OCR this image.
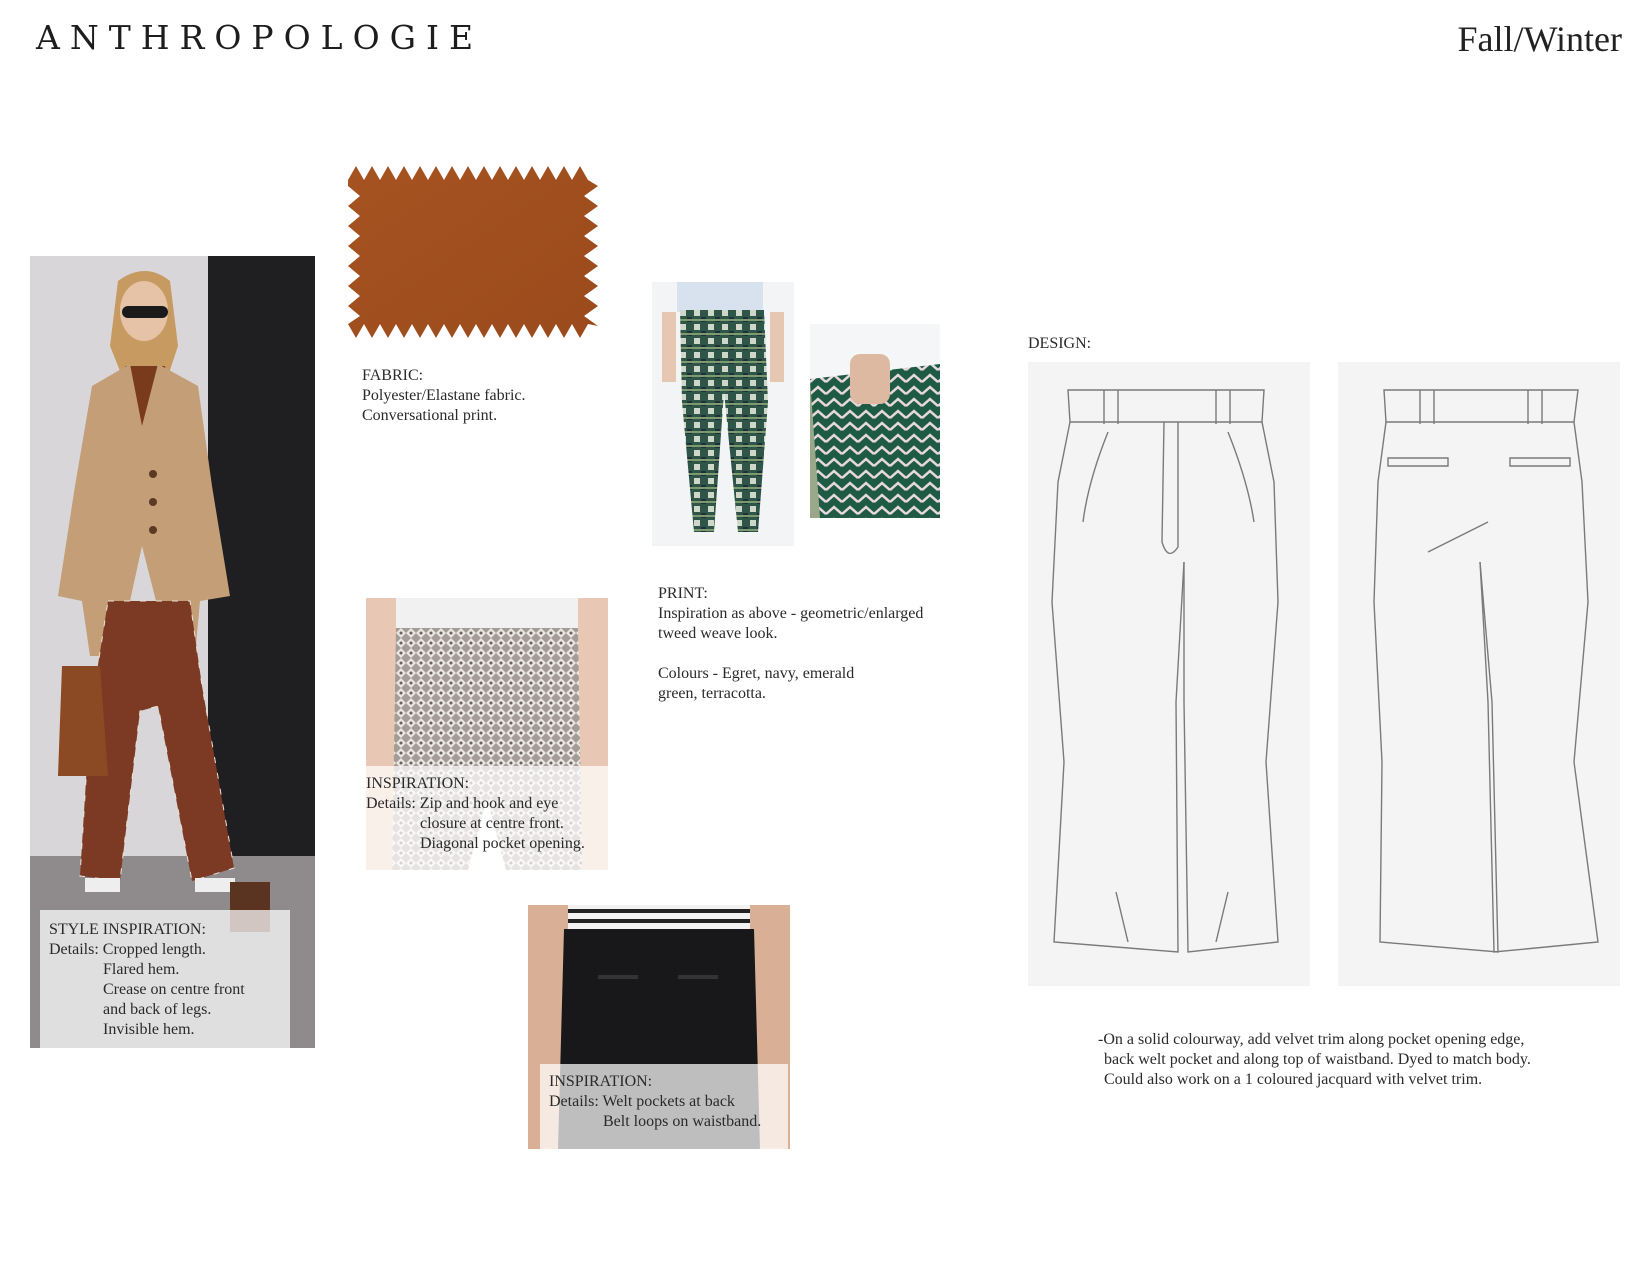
ANTHROPOLOGIE	Fall/Winter
STYLE INSPIRATION:
Details: Cropped length.
Flared hem.
Crease on centre front
and back of legs.
Invisible hem.
FABRIC:
Polyester/Elastane fabric.
Conversational print.
PRINT:
Inspiration as above - geometric/enlarged
tweed weave look.
Colours - Egret, navy, emerald
green, terracotta.
INSPIRATION:
Details: Zip and hook and eye
closure at centre front.
Diagonal pocket opening.
INSPIRATION:
Details: Welt pockets at back
Belt loops on waistband.
DESIGN:
-On a solid colourway, add velvet trim along pocket opening edge,
back welt pocket and along top of waistband. Dyed to match body.
Could also work on a 1 coloured jacquard with velvet trim.
